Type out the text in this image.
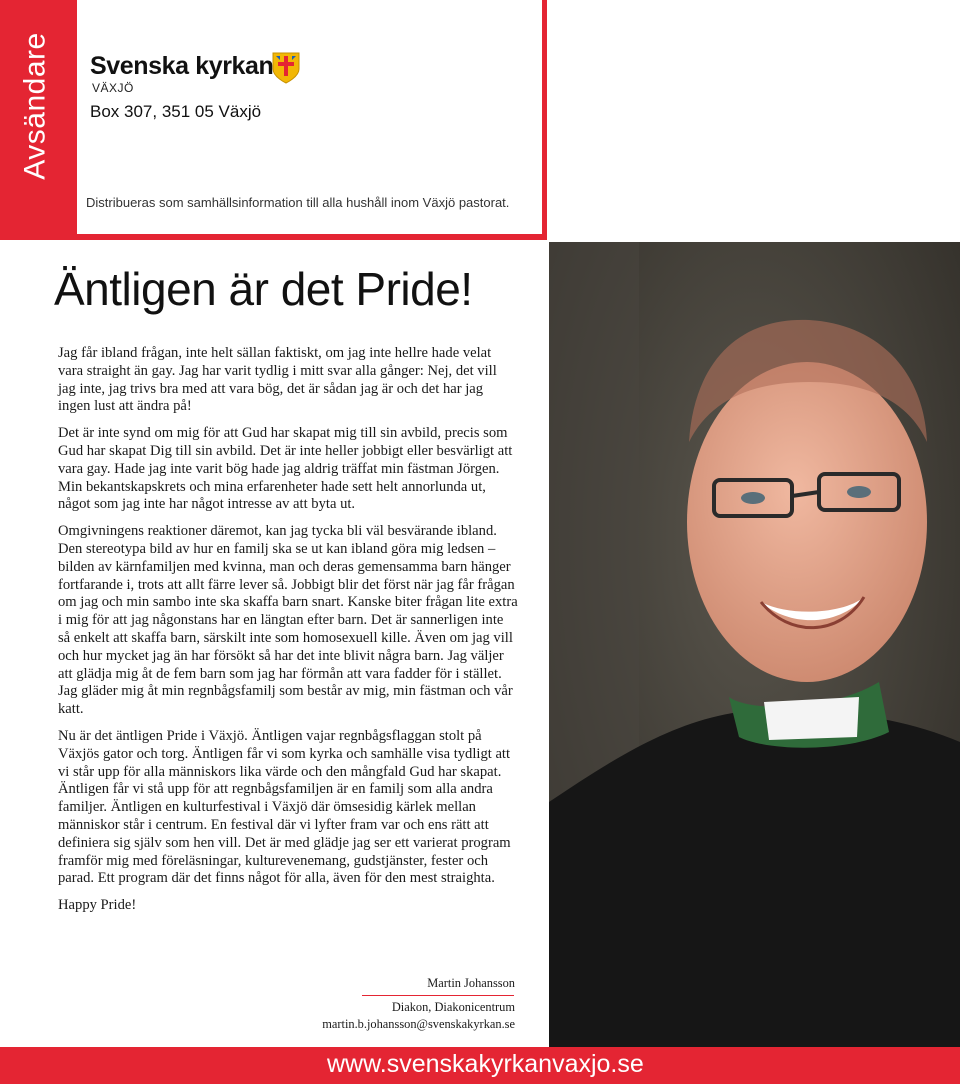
Avsändare Svenska kyrkan
VÄXJÖ
Box 307, 351 05 Växjö
Distribueras som samhällsinformation till alla hushåll inom Växjö pastorat.
Äntligen är det Pride!

Jag får ibland frågan, inte helt sällan faktiskt, om jag inte hellre hade velat vara straight än gay. Jag har varit tydlig i mitt svar alla gånger: Nej, det vill jag inte, jag trivs bra med att vara bög, det är sådan jag är och det har jag ingen lust att ändra på!

Det är inte synd om mig för att Gud har skapat mig till sin avbild, precis som Gud har skapat Dig till sin avbild. Det är inte heller jobbigt eller besvärligt att vara gay. Hade jag inte varit bög hade jag aldrig träffat min fästman Jörgen. Min bekantskapskrets och mina erfarenheter hade sett helt annorlunda ut, något som jag inte har något intresse av att byta ut.

Omgivningens reaktioner däremot, kan jag tycka bli väl besvärande ibland. Den stereotypa bild av hur en familj ska se ut kan ibland göra mig ledsen – bilden av kärnfamiljen med kvinna, man och deras gemensamma barn hänger fortfarande i, trots att allt färre lever så. Jobbigt blir det först när jag får frågan om jag och min sambo inte ska skaffa barn snart. Kanske biter frågan lite extra i mig för att jag någonstans har en längtan efter barn. Det är sannerligen inte så enkelt att skaffa barn, särskilt inte som homosexuell kille. Även om jag vill och hur mycket jag än har försökt så har det inte blivit några barn. Jag väljer att glädja mig åt de fem barn som jag har förmån att vara fadder för i stället. Jag gläder mig åt min regnbågsfamilj som består av mig, min fästman och vår katt.

Nu är det äntligen Pride i Växjö. Äntligen vajar regnbågsflaggan stolt på Växjös gator och torg. Äntligen får vi som kyrka och samhälle visa tydligt att vi står upp för alla människors lika värde och den mångfald Gud har skapat. Äntligen får vi stå upp för att regnbågsfamiljen är en familj som alla andra familjer. Äntligen en kulturfestival i Växjö där ömsesidig kärlek mellan människor står i centrum. En festival där vi lyfter fram var och ens rätt att definiera sig själv som hen vill. Det är med glädje jag ser ett varierat program framför mig med föreläsningar, kulturevenemang, gudstjänster, fester och parad. Ett program där det finns något för alla, även för den mest straighta.

Happy Pride!

Martin Johansson
Diakon, Diakonicentrum
martin.b.johansson@svenskakyrkan.se
www.svenskakyrkanvaxjo.se
